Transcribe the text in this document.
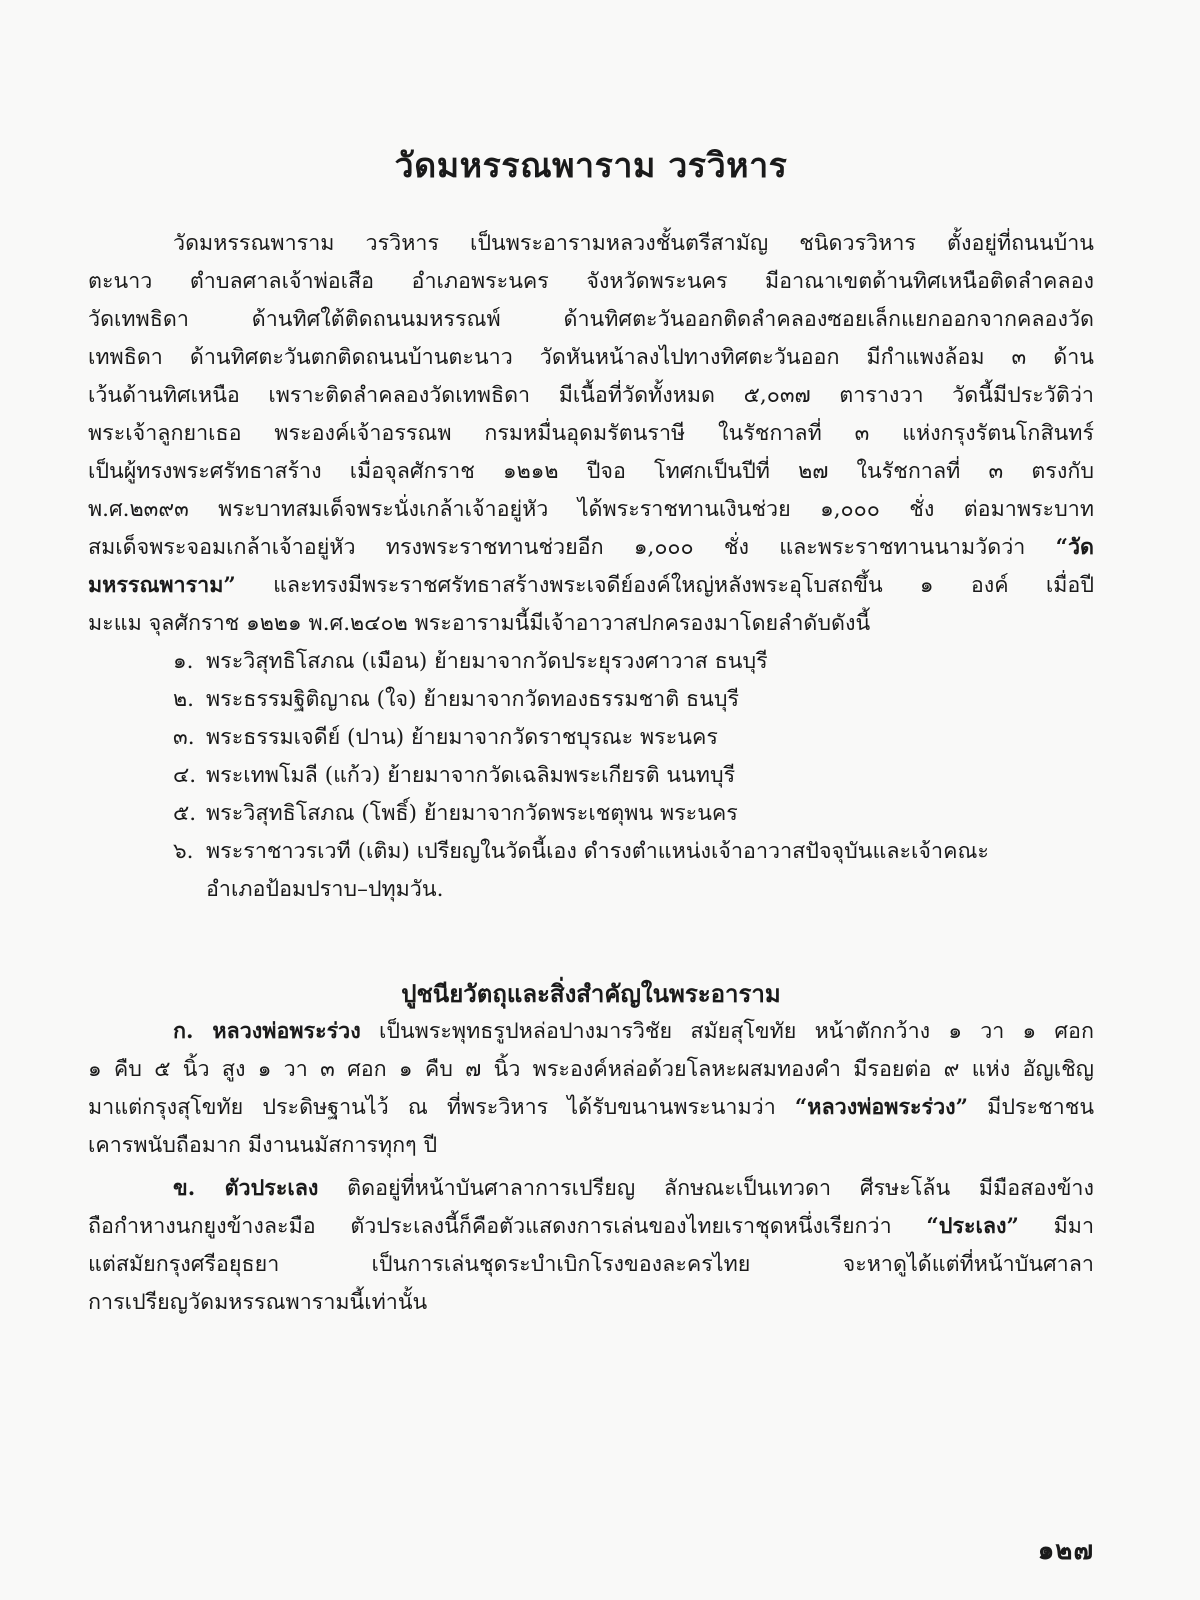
วัดมหรรณพาราม วรวิหาร
วัดมหรรณพาราม วรวิหาร เป็นพระอารามหลวงชั้นตรีสามัญ ชนิดวรวิหาร ตั้งอยู่ที่ถนนบ้าน
ตะนาว ตำบลศาลเจ้าพ่อเสือ อำเภอพระนคร จังหวัดพระนคร มีอาณาเขตด้านทิศเหนือติดลำคลอง
วัดเทพธิดา ด้านทิศใต้ติดถนนมหรรณพ์ ด้านทิศตะวันออกติดลำคลองซอยเล็กแยกออกจากคลองวัด
เทพธิดา ด้านทิศตะวันตกติดถนนบ้านตะนาว วัดหันหน้าลงไปทางทิศตะวันออก มีกำแพงล้อม ๓ ด้าน
เว้นด้านทิศเหนือ เพราะติดลำคลองวัดเทพธิดา มีเนื้อที่วัดทั้งหมด ๕,๐๓๗ ตารางวา วัดนี้มีประวัติว่า
พระเจ้าลูกยาเธอ พระองค์เจ้าอรรณพ กรมหมื่นอุดมรัตนราษี ในรัชกาลที่ ๓ แห่งกรุงรัตนโกสินทร์
เป็นผู้ทรงพระศรัทธาสร้าง เมื่อจุลศักราช ๑๒๑๒ ปีจอ โทศกเป็นปีที่ ๒๗ ในรัชกาลที่ ๓ ตรงกับ
พ.ศ.๒๓๙๓ พระบาทสมเด็จพระนั่งเกล้าเจ้าอยู่หัว ได้พระราชทานเงินช่วย ๑,๐๐๐ ชั่ง ต่อมาพระบาท
สมเด็จพระจอมเกล้าเจ้าอยู่หัว ทรงพระราชทานช่วยอีก ๑,๐๐๐ ชั่ง และพระราชทานนามวัดว่า “วัด
มหรรณพาราม” และทรงมีพระราชศรัทธาสร้างพระเจดีย์องค์ใหญ่หลังพระอุโบสถขึ้น ๑ องค์ เมื่อปี
มะแม จุลศักราช ๑๒๒๑ พ.ศ.๒๔๐๒ พระอารามนี้มีเจ้าอาวาสปกครองมาโดยลำดับดังนี้
๑. พระวิสุทธิโสภณ (เมือน) ย้ายมาจากวัดประยุรวงศาวาส ธนบุรี
๒. พระธรรมฐิติญาณ (ใจ) ย้ายมาจากวัดทองธรรมชาติ ธนบุรี
๓. พระธรรมเจดีย์ (ปาน) ย้ายมาจากวัดราชบุรณะ พระนคร
๔. พระเทพโมลี (แก้ว) ย้ายมาจากวัดเฉลิมพระเกียรติ นนทบุรี
๕. พระวิสุทธิโสภณ (โพธิ์) ย้ายมาจากวัดพระเชตุพน พระนคร
๖. พระราชาวรเวที (เติม) เปรียญในวัดนี้เอง ดำรงตำแหน่งเจ้าอาวาสปัจจุบันและเจ้าคณะ
อำเภอป้อมปราบ–ปทุมวัน.
ปูชนียวัตถุและสิ่งสำคัญในพระอาราม
ก. หลวงพ่อพระร่วง เป็นพระพุทธรูปหล่อปางมารวิชัย สมัยสุโขทัย หน้าตักกว้าง ๑ วา ๑ ศอก
๑ คืบ ๕ นิ้ว สูง ๑ วา ๓ ศอก ๑ คืบ ๗ นิ้ว พระองค์หล่อด้วยโลหะผสมทองคำ มีรอยต่อ ๙ แห่ง อัญเชิญ
มาแต่กรุงสุโขทัย ประดิษฐานไว้ ณ ที่พระวิหาร ได้รับขนานพระนามว่า “หลวงพ่อพระร่วง” มีประชาชน
เคารพนับถือมาก มีงานนมัสการทุกๆ ปี
ข. ตัวประเลง ติดอยู่ที่หน้าบันศาลาการเปรียญ ลักษณะเป็นเทวดา ศีรษะโล้น มีมือสองข้าง
ถือกำหางนกยูงข้างละมือ ตัวประเลงนี้ก็คือตัวแสดงการเล่นของไทยเราชุดหนึ่งเรียกว่า “ประเลง” มีมา
แต่สมัยกรุงศรีอยุธยา เป็นการเล่นชุดระบำเบิกโรงของละครไทย จะหาดูได้แต่ที่หน้าบันศาลา
การเปรียญวัดมหรรณพารามนี้เท่านั้น
๑๒๗
